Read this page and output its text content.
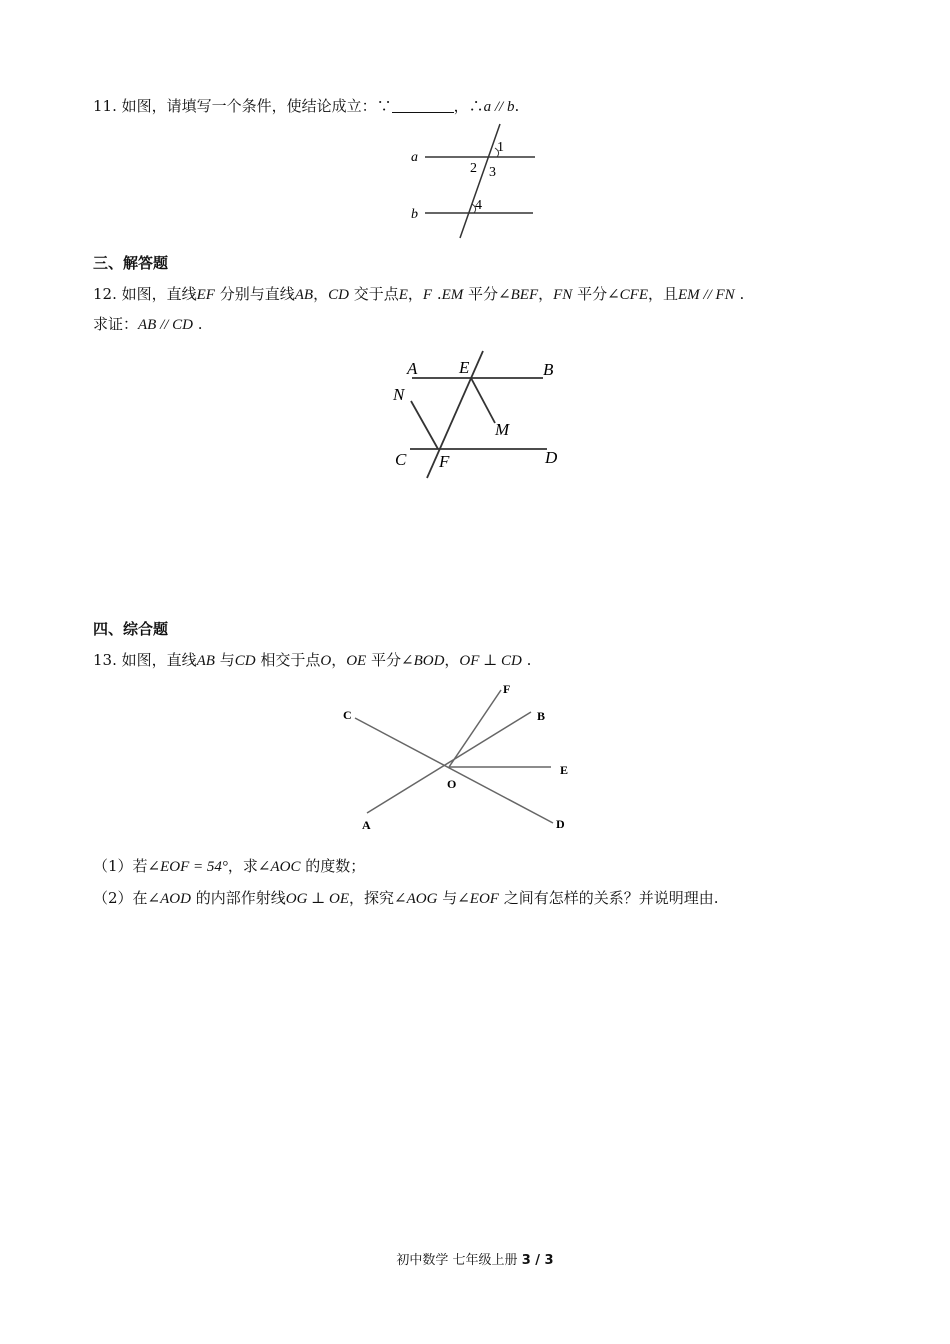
11. 如图，请填写一个条件，使结论成立：∵	，∴a // b.
a
b
1
2 3
4
三、解答题
12. 如图，直线EF 分别与直线AB，CD 交于点E，F .EM 平分∠BEF，FN 平分∠CFE，且EM // FN .
求证：AB // CD .
A E	B
N
M
C F	D
四、综合题
13. 如图，直线AB 与CD 相交于点O，OE 平分∠BOD，OF ⊥ CD .
F
C	B
E
O
A	D
（1）若∠EOF = 54°，求∠AOC 的度数；
（2）在∠AOD 的内部作射线OG ⊥ OE，探究∠AOG 与∠EOF 之间有怎样的关系？并说明理由.
初中数学 七年级上册 3 / 3
